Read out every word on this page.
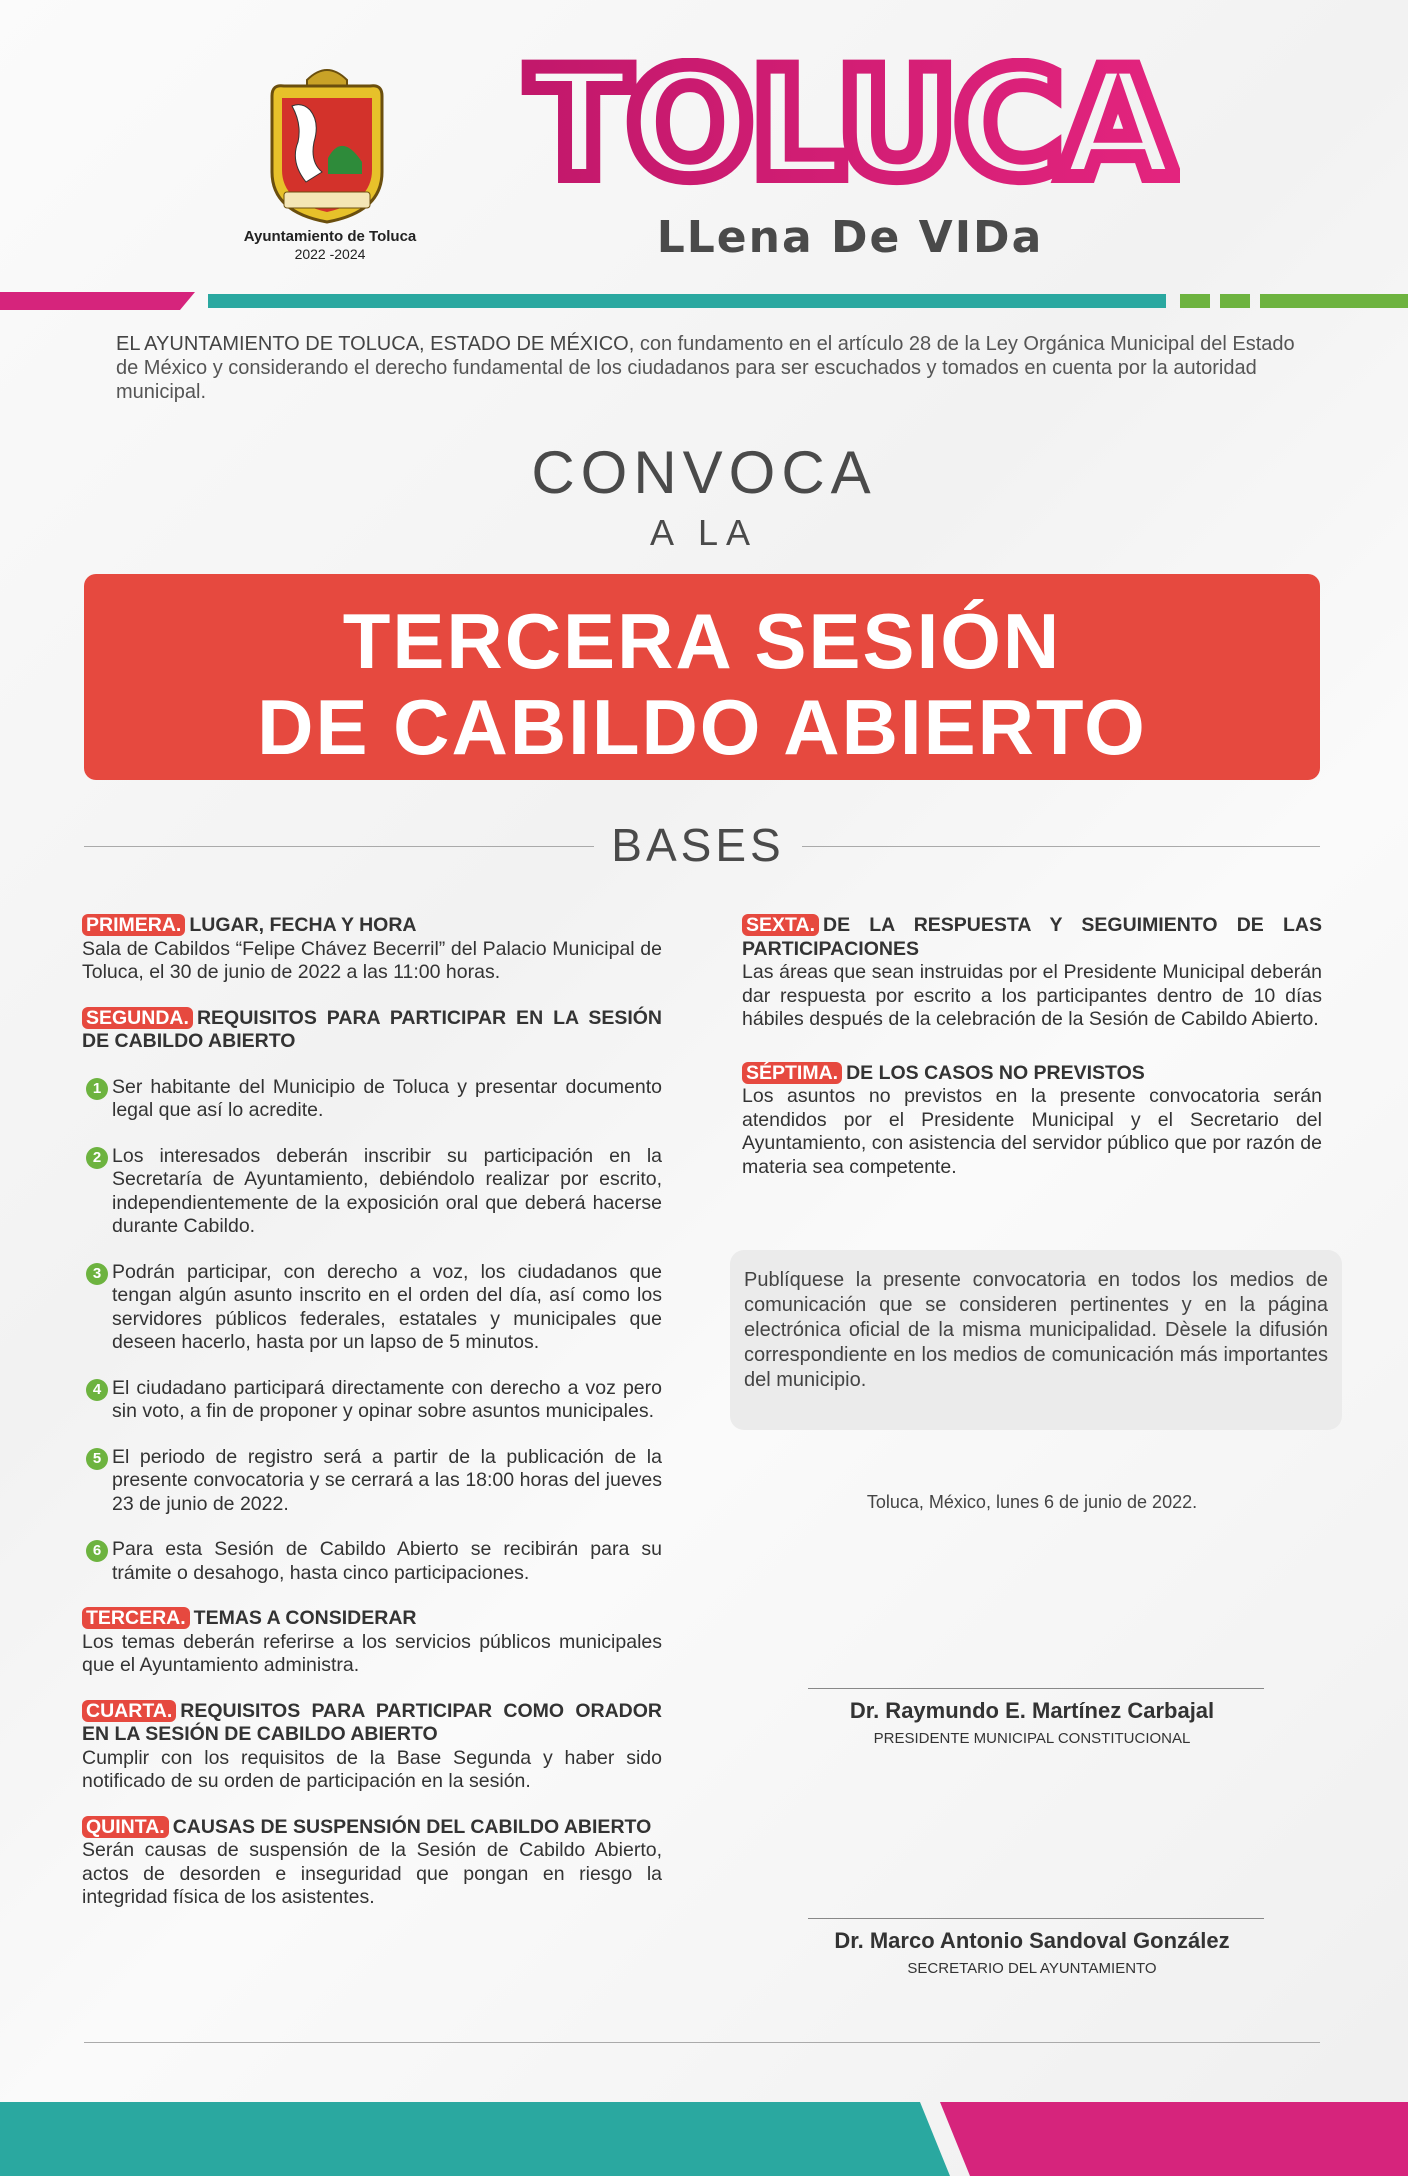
Ayuntamiento de Toluca
2022 -2024
TOLUCA
LLena De VIDa
EL AYUNTAMIENTO DE TOLUCA, ESTADO DE MÉXICO, con fundamento en el artículo 28 de la Ley Orgánica Municipal del Estado de México y considerando el derecho fundamental de los ciudadanos para ser escuchados y tomados en cuenta por la autoridad municipal.
CONVOCA
A LA
TERCERA SESIÓN
DE CABILDO ABIERTO
BASES
PRIMERA. LUGAR, FECHA Y HORA
Sala de Cabildos “Felipe Chávez Becerril” del Palacio Municipal de Toluca, el 30 de junio de 2022 a las 11:00 horas.
SEGUNDA. REQUISITOS PARA PARTICIPAR EN LA SESIÓN DE CABILDO ABIERTO
1 Ser habitante del Municipio de Toluca y presentar documento legal que así lo acredite.
2 Los interesados deberán inscribir su participación en la Secretaría de Ayuntamiento, debiéndolo realizar por escrito, independientemente de la exposición oral que deberá hacerse durante Cabildo.
3 Podrán participar, con derecho a voz, los ciudadanos que tengan algún asunto inscrito en el orden del día, así como los servidores públicos federales, estatales y municipales que deseen hacerlo, hasta por un lapso de 5 minutos.
4 El ciudadano participará directamente con derecho a voz pero sin voto, a fin de proponer y opinar sobre asuntos municipales.
5 El periodo de registro será a partir de la publicación de la presente convocatoria y se cerrará a las 18:00 horas del jueves 23 de junio de 2022.
6 Para esta Sesión de Cabildo Abierto se recibirán para su trámite o desahogo, hasta cinco participaciones.
TERCERA. TEMAS A CONSIDERAR
Los temas deberán referirse a los servicios públicos municipales que el Ayuntamiento administra.
CUARTA. REQUISITOS PARA PARTICIPAR COMO ORADOR EN LA SESIÓN DE CABILDO ABIERTO
Cumplir con los requisitos de la Base Segunda y haber sido notificado de su orden de participación en la sesión.
QUINTA. CAUSAS DE SUSPENSIÓN DEL CABILDO ABIERTO
Serán causas de suspensión de la Sesión de Cabildo Abierto, actos de desorden e inseguridad que pongan en riesgo la integridad física de los asistentes.
SEXTA. DE LA RESPUESTA Y SEGUIMIENTO DE LAS PARTICIPACIONES
Las áreas que sean instruidas por el Presidente Municipal deberán dar respuesta por escrito a los participantes dentro de 10 días hábiles después de la celebración de la Sesión de Cabildo Abierto.
SÉPTIMA. DE LOS CASOS NO PREVISTOS
Los asuntos no previstos en la presente convocatoria serán atendidos por el Presidente Municipal y el Secretario del Ayuntamiento, con asistencia del servidor público que por razón de materia sea competente.
Publíquese la presente convocatoria en todos los medios de comunicación que se consideren pertinentes y en la página electrónica oficial de la misma municipalidad. Dèsele la difusión correspondiente en los medios de comunicación más importantes del municipio.
Toluca, México, lunes 6 de junio de 2022.
Dr. Raymundo E. Martínez Carbajal
PRESIDENTE MUNICIPAL CONSTITUCIONAL
Dr. Marco Antonio Sandoval González
SECRETARIO DEL AYUNTAMIENTO
